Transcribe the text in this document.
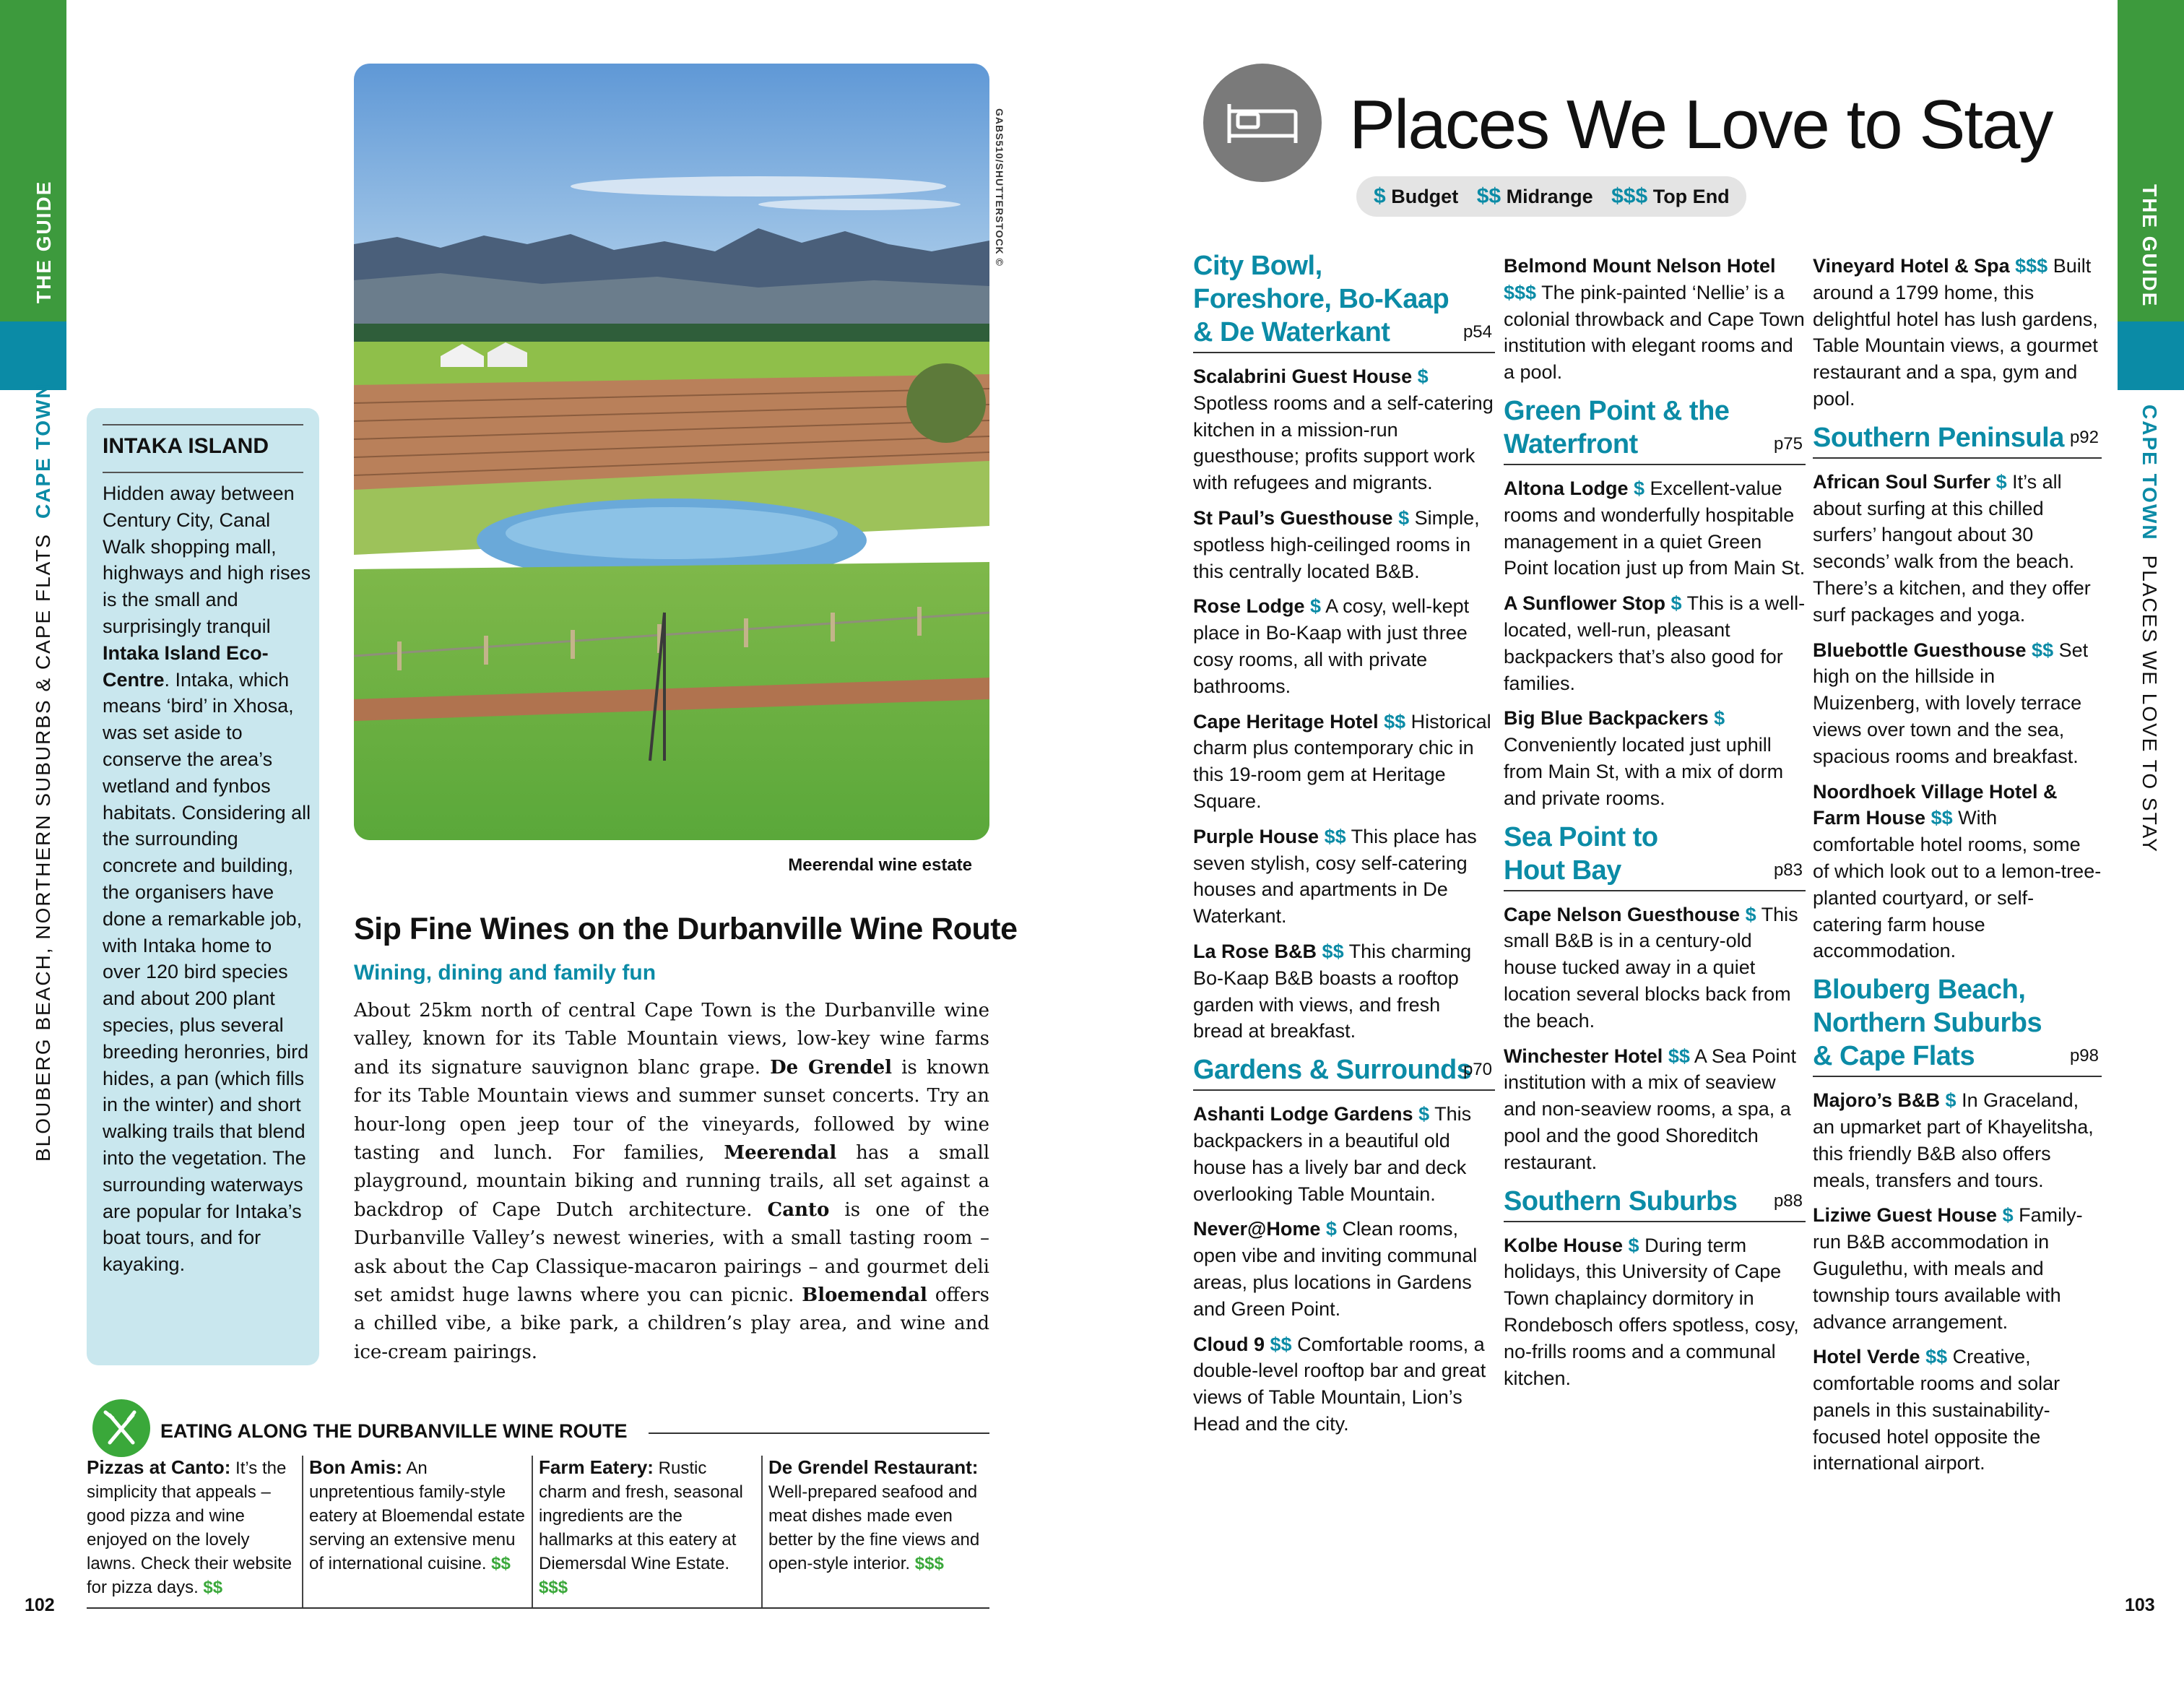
THE GUIDE
BLOUBERG BEACH, NORTHERN SUBURBS & CAPE FLATSCAPE TOWN
102
GABS510/SHUTTERSTOCK ©
Meerendal wine estate
INTAKA ISLAND
Hidden away between Century City, Canal Walk shopping mall, highways and high rises is the small and surprisingly tranquil Intaka Island Eco-Centre. Intaka, which means ‘bird’ in Xhosa, was set aside to conserve the area’s wetland and fynbos habitats. Considering all the surrounding concrete and building, the organisers have done a remarkable job, with Intaka home to over 120 bird species and about 200 plant species, plus several breeding heronries, bird hides, a pan (which fills in the winter) and short walking trails that blend into the vegetation. The surrounding waterways are popular for Intaka’s boat tours, and for kayaking.
Sip Fine Wines on the Durbanville Wine Route
Wining, dining and family fun
About 25km north of central Cape Town is the Durbanville wine valley, known for its Table Mountain views, low-key wine farms and its signature sauvignon blanc grape. De Grendel is known for its Table Mountain views and summer sunset concerts. Try an hour-long open jeep tour of the vineyards, followed by wine tasting and lunch. For families, Meerendal has a small playground, mountain biking and running trails, all set against a backdrop of Cape Dutch architecture. Canto is one of the Durbanville Valley’s newest wineries, with a small tasting room – ask about the Cap Classique-macaron pairings – and gourmet deli set amidst huge lawns where you can picnic. Bloemendal offers a chilled vibe, a bike park, a children’s play area, and wine and ice-cream pairings.
EATING ALONG THE DURBANVILLE WINE ROUTE
Pizzas at Canto: It’s the simplicity that appeals – good pizza and wine enjoyed on the lovely lawns. Check their website for pizza days. $$
Bon Amis: An unpretentious family-style eatery at Bloemendal estate serving an extensive menu of international cuisine. $$
Farm Eatery: Rustic charm and fresh, seasonal ingredients are the hallmarks at this eatery at Diemersdal Wine Estate. $$$
De Grendel Restaurant: Well-prepared seafood and meat dishes made even better by the fine views and open-style interior. $$$
THE GUIDE
CAPE TOWNPLACES WE LOVE TO STAY
103
Places We Love to Stay
$ Budget $$ Midrange $$$ Top End
City Bowl, Foreshore, Bo-Kaap & De Waterkant	p54
Scalabrini Guest House $ Spotless rooms and a self-catering kitchen in a mission-run guesthouse; profits support work with refugees and migrants.
St Paul’s Guesthouse $ Simple, spotless high-ceilinged rooms in this centrally located B&B.
Rose Lodge $ A cosy, well-kept place in Bo-Kaap with just three cosy rooms, all with private bathrooms.
Cape Heritage Hotel $$ Historical charm plus contemporary chic in this 19-room gem at Heritage Square.
Purple House $$ This place has seven stylish, cosy self-catering houses and apartments in De Waterkant.
La Rose B&B $$ This charming Bo-Kaap B&B boasts a rooftop garden with views, and fresh bread at breakfast.
Gardens & Surrounds
p70
Ashanti Lodge Gardens $ This backpackers in a beautiful old house has a lively bar and deck overlooking Table Mountain.
Never@Home $ Clean rooms, open vibe and inviting communal areas, plus locations in Gardens and Green Point.
Cloud 9 $$ Comfortable rooms, a double-level rooftop bar and great views of Table Mountain, Lion’s Head and the city.
Belmond Mount Nelson Hotel $$$ The pink-painted ‘Nellie’ is a colonial throwback and Cape Town institution with elegant rooms and a pool.
Green Point & the Waterfront	p75
Altona Lodge $ Excellent-value rooms and wonderfully hospitable management in a quiet Green Point location just up from Main St.
A Sunflower Stop $ This is a well-located, well-run, pleasant backpackers that’s also good for families.
Big Blue Backpackers $ Conveniently located just uphill from Main St, with a mix of dorm and private rooms.
Sea Point to Hout Bay	p83
Cape Nelson Guesthouse $ This small B&B is in a century-old house tucked away in a quiet location several blocks back from the beach.
Winchester Hotel $$ A Sea Point institution with a mix of seaview and non-seaview rooms, a spa, a pool and the good Shoreditch restaurant.
Southern Suburbs	p88
Kolbe House $ During term holidays, this University of Cape Town chaplaincy dormitory in Rondebosch offers spotless, cosy, no-frills rooms and a communal kitchen.
Vineyard Hotel & Spa $$$ Built around a 1799 home, this delightful hotel has lush gardens, Table Mountain views, a gourmet restaurant and a spa, gym and pool.
Southern Peninsula p92
African Soul Surfer $ It’s all about surfing at this chilled surfers’ hangout about 30 seconds’ walk from the beach. There’s a kitchen, and they offer surf packages and yoga.
Bluebottle Guesthouse $$ Set high on the hillside in Muizenberg, with lovely terrace views over town and the sea, spacious rooms and breakfast.
Noordhoek Village Hotel & Farm House $$ With comfortable hotel rooms, some of which look out to a lemon-tree-planted courtyard, or self-catering farm house accommodation.
Blouberg Beach, Northern Suburbs & Cape Flats	p98
Majoro’s B&B $ In Graceland, an upmarket part of Khayelitsha, this friendly B&B also offers meals, transfers and tours.
Liziwe Guest House $ Family-run B&B accommodation in Gugulethu, with meals and township tours available with advance arrangement.
Hotel Verde $$ Creative, comfortable rooms and solar panels in this sustainability-focused hotel opposite the international airport.
